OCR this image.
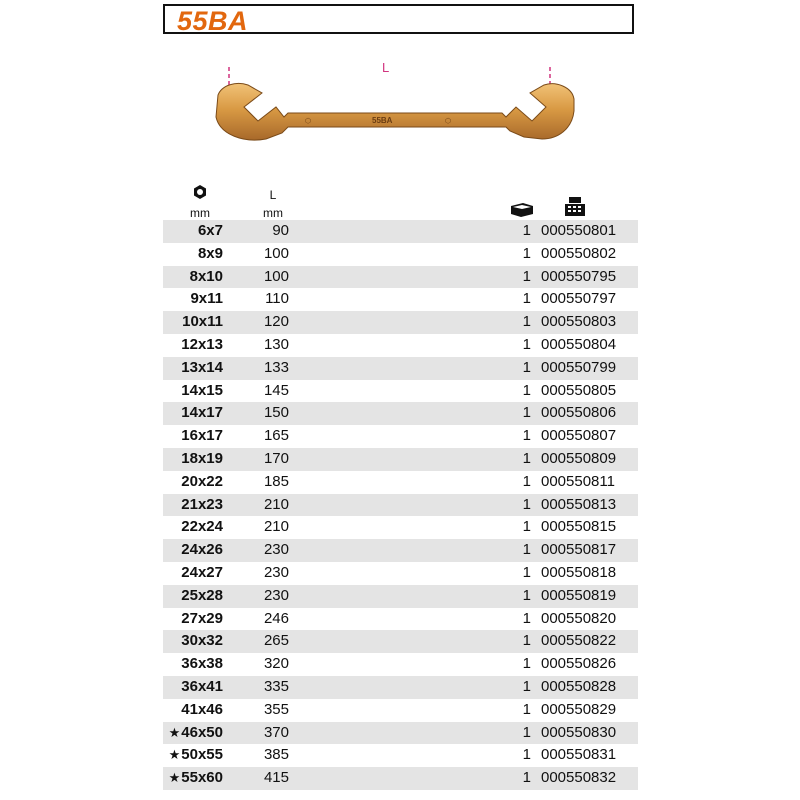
55BA
L
⬡	55BA	⬡
mm
L
mm
6x7	90	1 000550801
8x9	100	1 000550802
8x10	100	1 000550795
9x11	110	1 000550797
10x11	120	1 000550803
12x13	130	1 000550804
13x14	133	1 000550799
14x15	145	1 000550805
14x17	150	1 000550806
16x17	165	1 000550807
18x19	170	1 000550809
20x22	185	1 000550811
21x23	210	1 000550813
22x24	210	1 000550815
24x26	230	1 000550817
24x27	230	1 000550818
25x28	230	1 000550819
27x29	246	1 000550820
30x32	265	1 000550822
36x38	320	1 000550826
36x41	335	1 000550828
41x46	355	1 000550829
★46x50	370	1 000550830
★50x55	385	1 000550831
★55x60	415	1 000550832
